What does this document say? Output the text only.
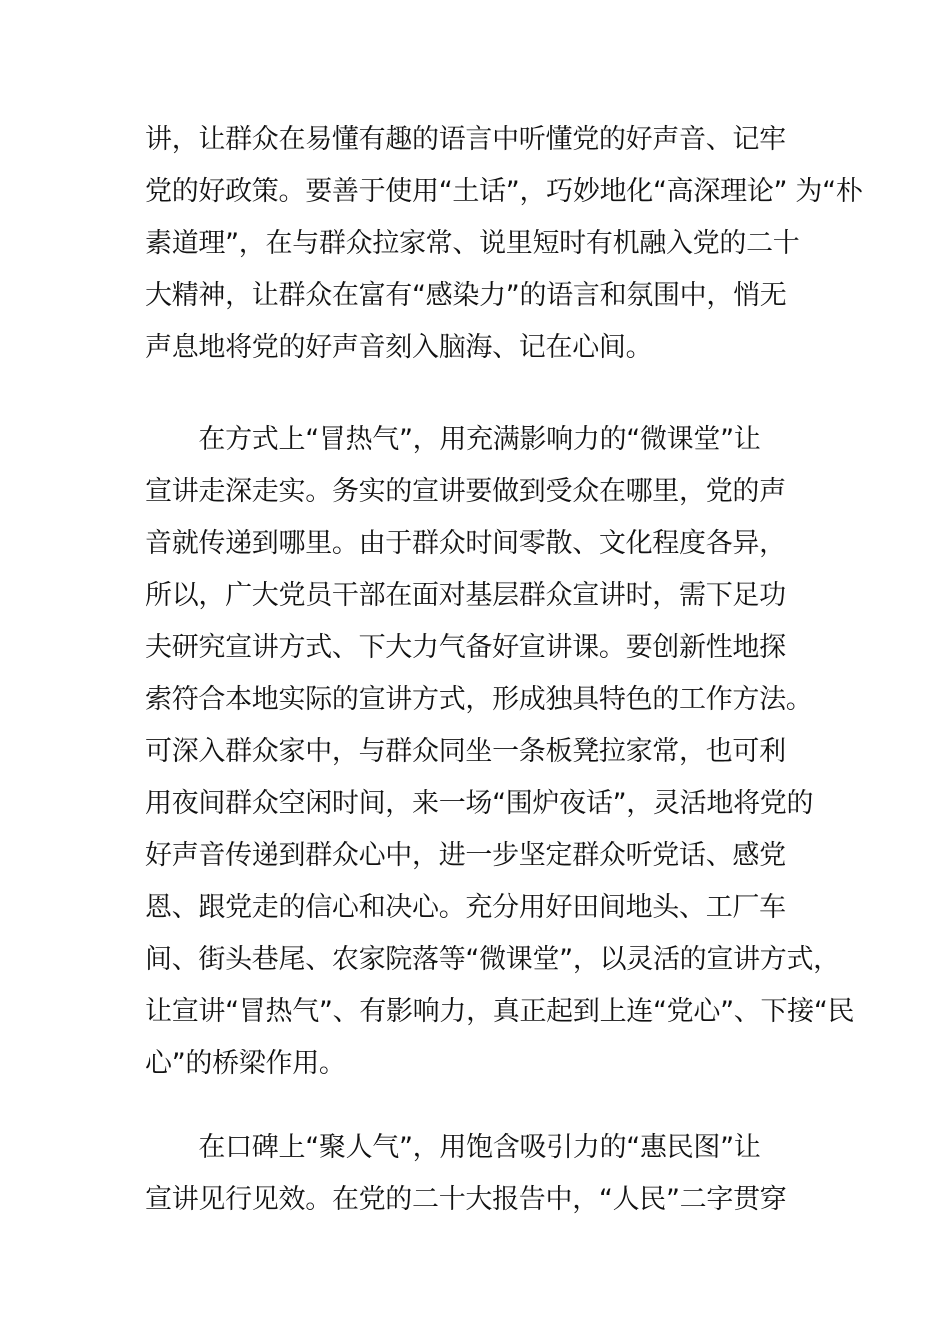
讲，让群众在易懂有趣的语言中听懂党的好声音、记牢
党的好政策。要善于使用“土话”，巧妙地化“高深理论” 为“朴
素道理”，在与群众拉家常、说里短时有机融入党的二十
大精神，让群众在富有“感染力”的语言和氛围中，悄无
声息地将党的好声音刻入脑海、记在心间。
　　在方式上“冒热气”，用充满影响力的“微课堂”让
宣讲走深走实。务实的宣讲要做到受众在哪里，党的声
音就传递到哪里。由于群众时间零散、文化程度各异，
所以，广大党员干部在面对基层群众宣讲时，需下足功
夫研究宣讲方式、下大力气备好宣讲课。要创新性地探
索符合本地实际的宣讲方式，形成独具特色的工作方法。
可深入群众家中，与群众同坐一条板凳拉家常，也可利
用夜间群众空闲时间，来一场“围炉夜话”，灵活地将党的
好声音传递到群众心中，进一步坚定群众听党话、感党
恩、跟党走的信心和决心。充分用好田间地头、工厂车
间、街头巷尾、农家院落等“微课堂”，以灵活的宣讲方式，
让宣讲“冒热气”、有影响力，真正起到上连“党心”、下接“民
心”的桥梁作用。
　　在口碑上“聚人气”，用饱含吸引力的“惠民图”让
宣讲见行见效。在党的二十大报告中，“人民”二字贯穿
